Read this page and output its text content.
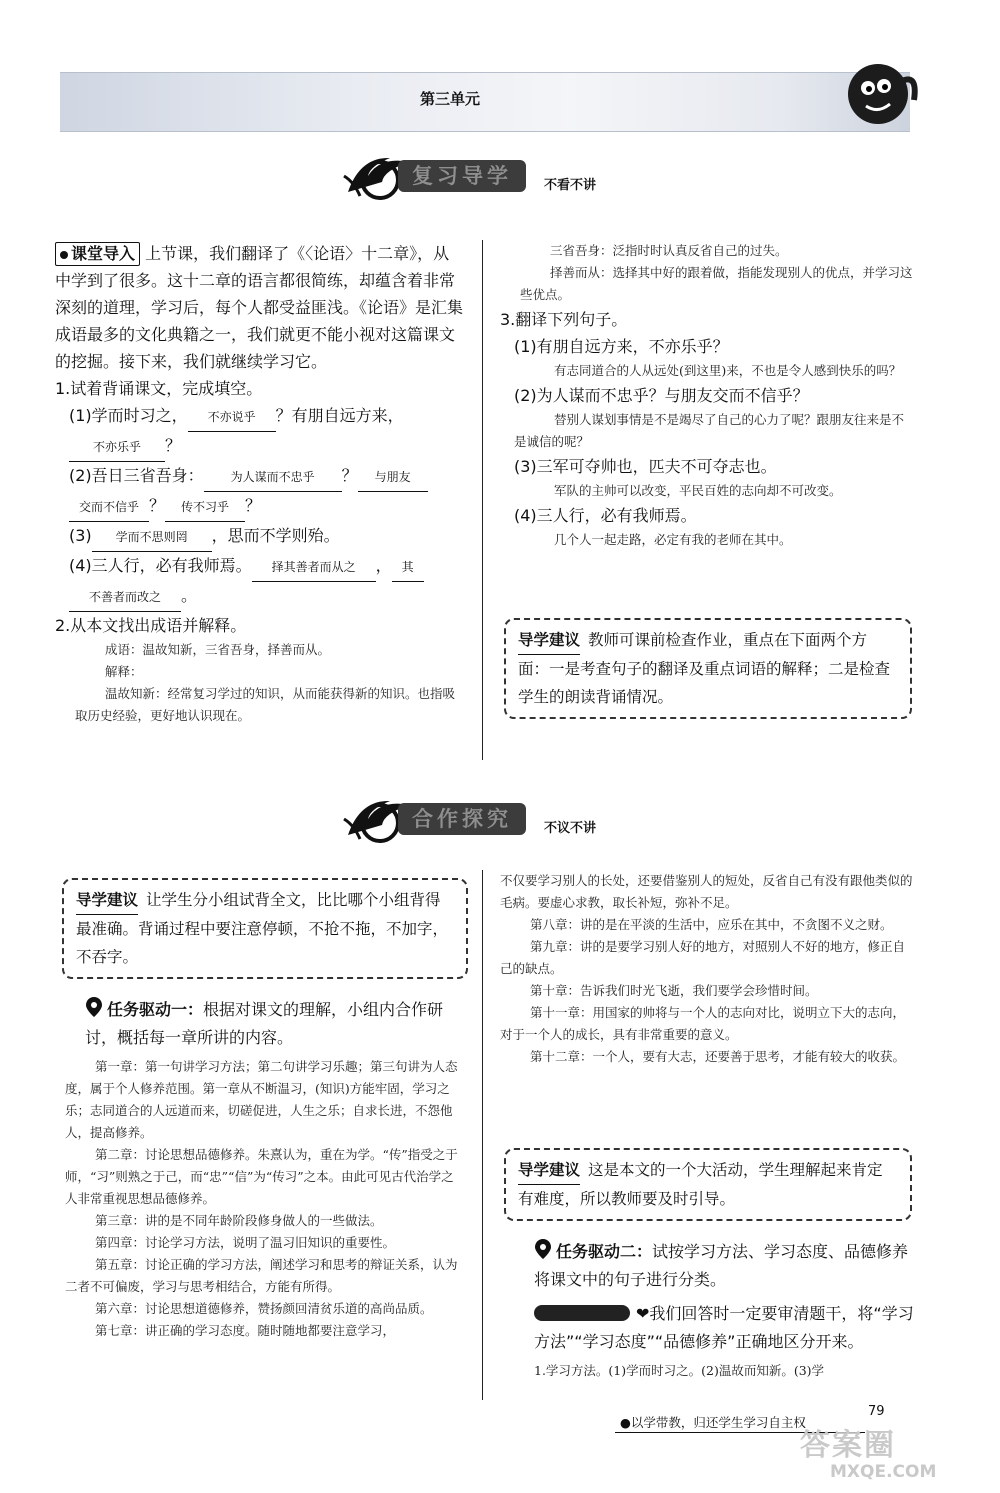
第三单元
复习导学	不看不讲

课堂导入 上节课，我们翻译了《〈论语〉十二章》，从中学到了很多。这十二章的语言都很简练，却蕴含着非常深刻的道理，学习后，每个人都受益匪浅。《论语》是汇集成语最多的文化典籍之一，我们就更不能小视对这篇课文的挖掘。接下来，我们就继续学习它。

1.试着背诵课文，完成填空。

(1)学而时习之， 不亦说乎 ？有朋自远方来，
不亦乐乎 ？

(2)吾日三省吾身： 为人谋而不忠乎 ？ 与朋友
交而不信乎 ？ 传不习乎 ？

(3) 学而不思则罔 ，思而不学则殆。

(4)三人行，必有我师焉。 择其善者而从之 ， 其
不善者而改之 。

2.从本文找出成语并解释。

成语：温故知新，三省吾身，择善而从。
解释：
温故知新：经常复习学过的知识，从而能获得新的知识。也指吸取历史经验，更好地认识现在。
三省吾身：泛指时时认真反省自己的过失。
择善而从：选择其中好的跟着做，指能发现别人的优点，并学习这些优点。

3.翻译下列句子。

(1)有朋自远方来，不亦乐乎？

有志同道合的人从远处(到这里)来，不也是令人感到快乐的吗？

(2)为人谋而不忠乎？与朋友交而不信乎？

替别人谋划事情是不是竭尽了自己的心力了呢？跟朋友往来是不是诚信的呢？

(3)三军可夺帅也，匹夫不可夺志也。

军队的主帅可以改变，平民百姓的志向却不可改变。

(4)三人行，必有我师焉。

几个人一起走路，必定有我的老师在其中。
导学建议 教师可课前检查作业，重点在下面两个方面：一是考查句子的翻译及重点词语的解释；二是检查学生的朗读背诵情况。
合作探究	不议不讲
导学建议 让学生分小组试背全文，比比哪个小组背得最准确。背诵过程中要注意停顿，不抢不拖，不加字，不吞字。

任务驱动一：根据对课文的理解，小组内合作研讨，概括每一章所讲的内容。

第一章：第一句讲学习方法；第二句讲学习乐趣；第三句讲为人态度，属于个人修养范围。第一章从不断温习，(知识)方能牢固，学习之乐；志同道合的人远道而来，切磋促进，人生之乐；自求长进，不怨他人，提高修养。
第二章：讨论思想品德修养。朱熹认为，重在为学。“传”指受之于师，“习”则熟之于己，而“忠”“信”为“传习”之本。由此可见古代治学之人非常重视思想品德修养。
第三章：讲的是不同年龄阶段修身做人的一些做法。
第四章：讨论学习方法，说明了温习旧知识的重要性。
第五章：讨论正确的学习方法，阐述学习和思考的辩证关系，认为二者不可偏废，学习与思考相结合，方能有所得。
第六章：讨论思想道德修养，赞扬颜回清贫乐道的高尚品质。
第七章：讲正确的学习态度。随时随地都要注意学习，
不仅要学习别人的长处，还要借鉴别人的短处，反省自己有没有跟他类似的毛病。要虚心求教，取长补短，弥补不足。
第八章：讲的是在平淡的生活中，应乐在其中，不贪图不义之财。
第九章：讲的是要学习别人好的地方，对照别人不好的地方，修正自己的缺点。
第十章：告诉我们时光飞逝，我们要学会珍惜时间。
第十一章：用国家的帅将与一个人的志向对比，说明立下大的志向，对于一个人的成长，具有非常重要的意义。
第十二章：一个人，要有大志，还要善于思考，才能有较大的收获。
导学建议 这是本文的一个大活动，学生理解起来肯定有难度，所以教师要及时引导。

任务驱动二：试按学习方法、学习态度、品德修养将课文中的句子进行分类。

❤我们回答时一定要审清题干，将“学习方法”“学习态度”“品德修养”正确地区分开来。

1.学习方法。(1)学而时习之。(2)温故而知新。(3)学
●以学带教，归还学生学习自主权
79
答案圈
MXQE.COM
